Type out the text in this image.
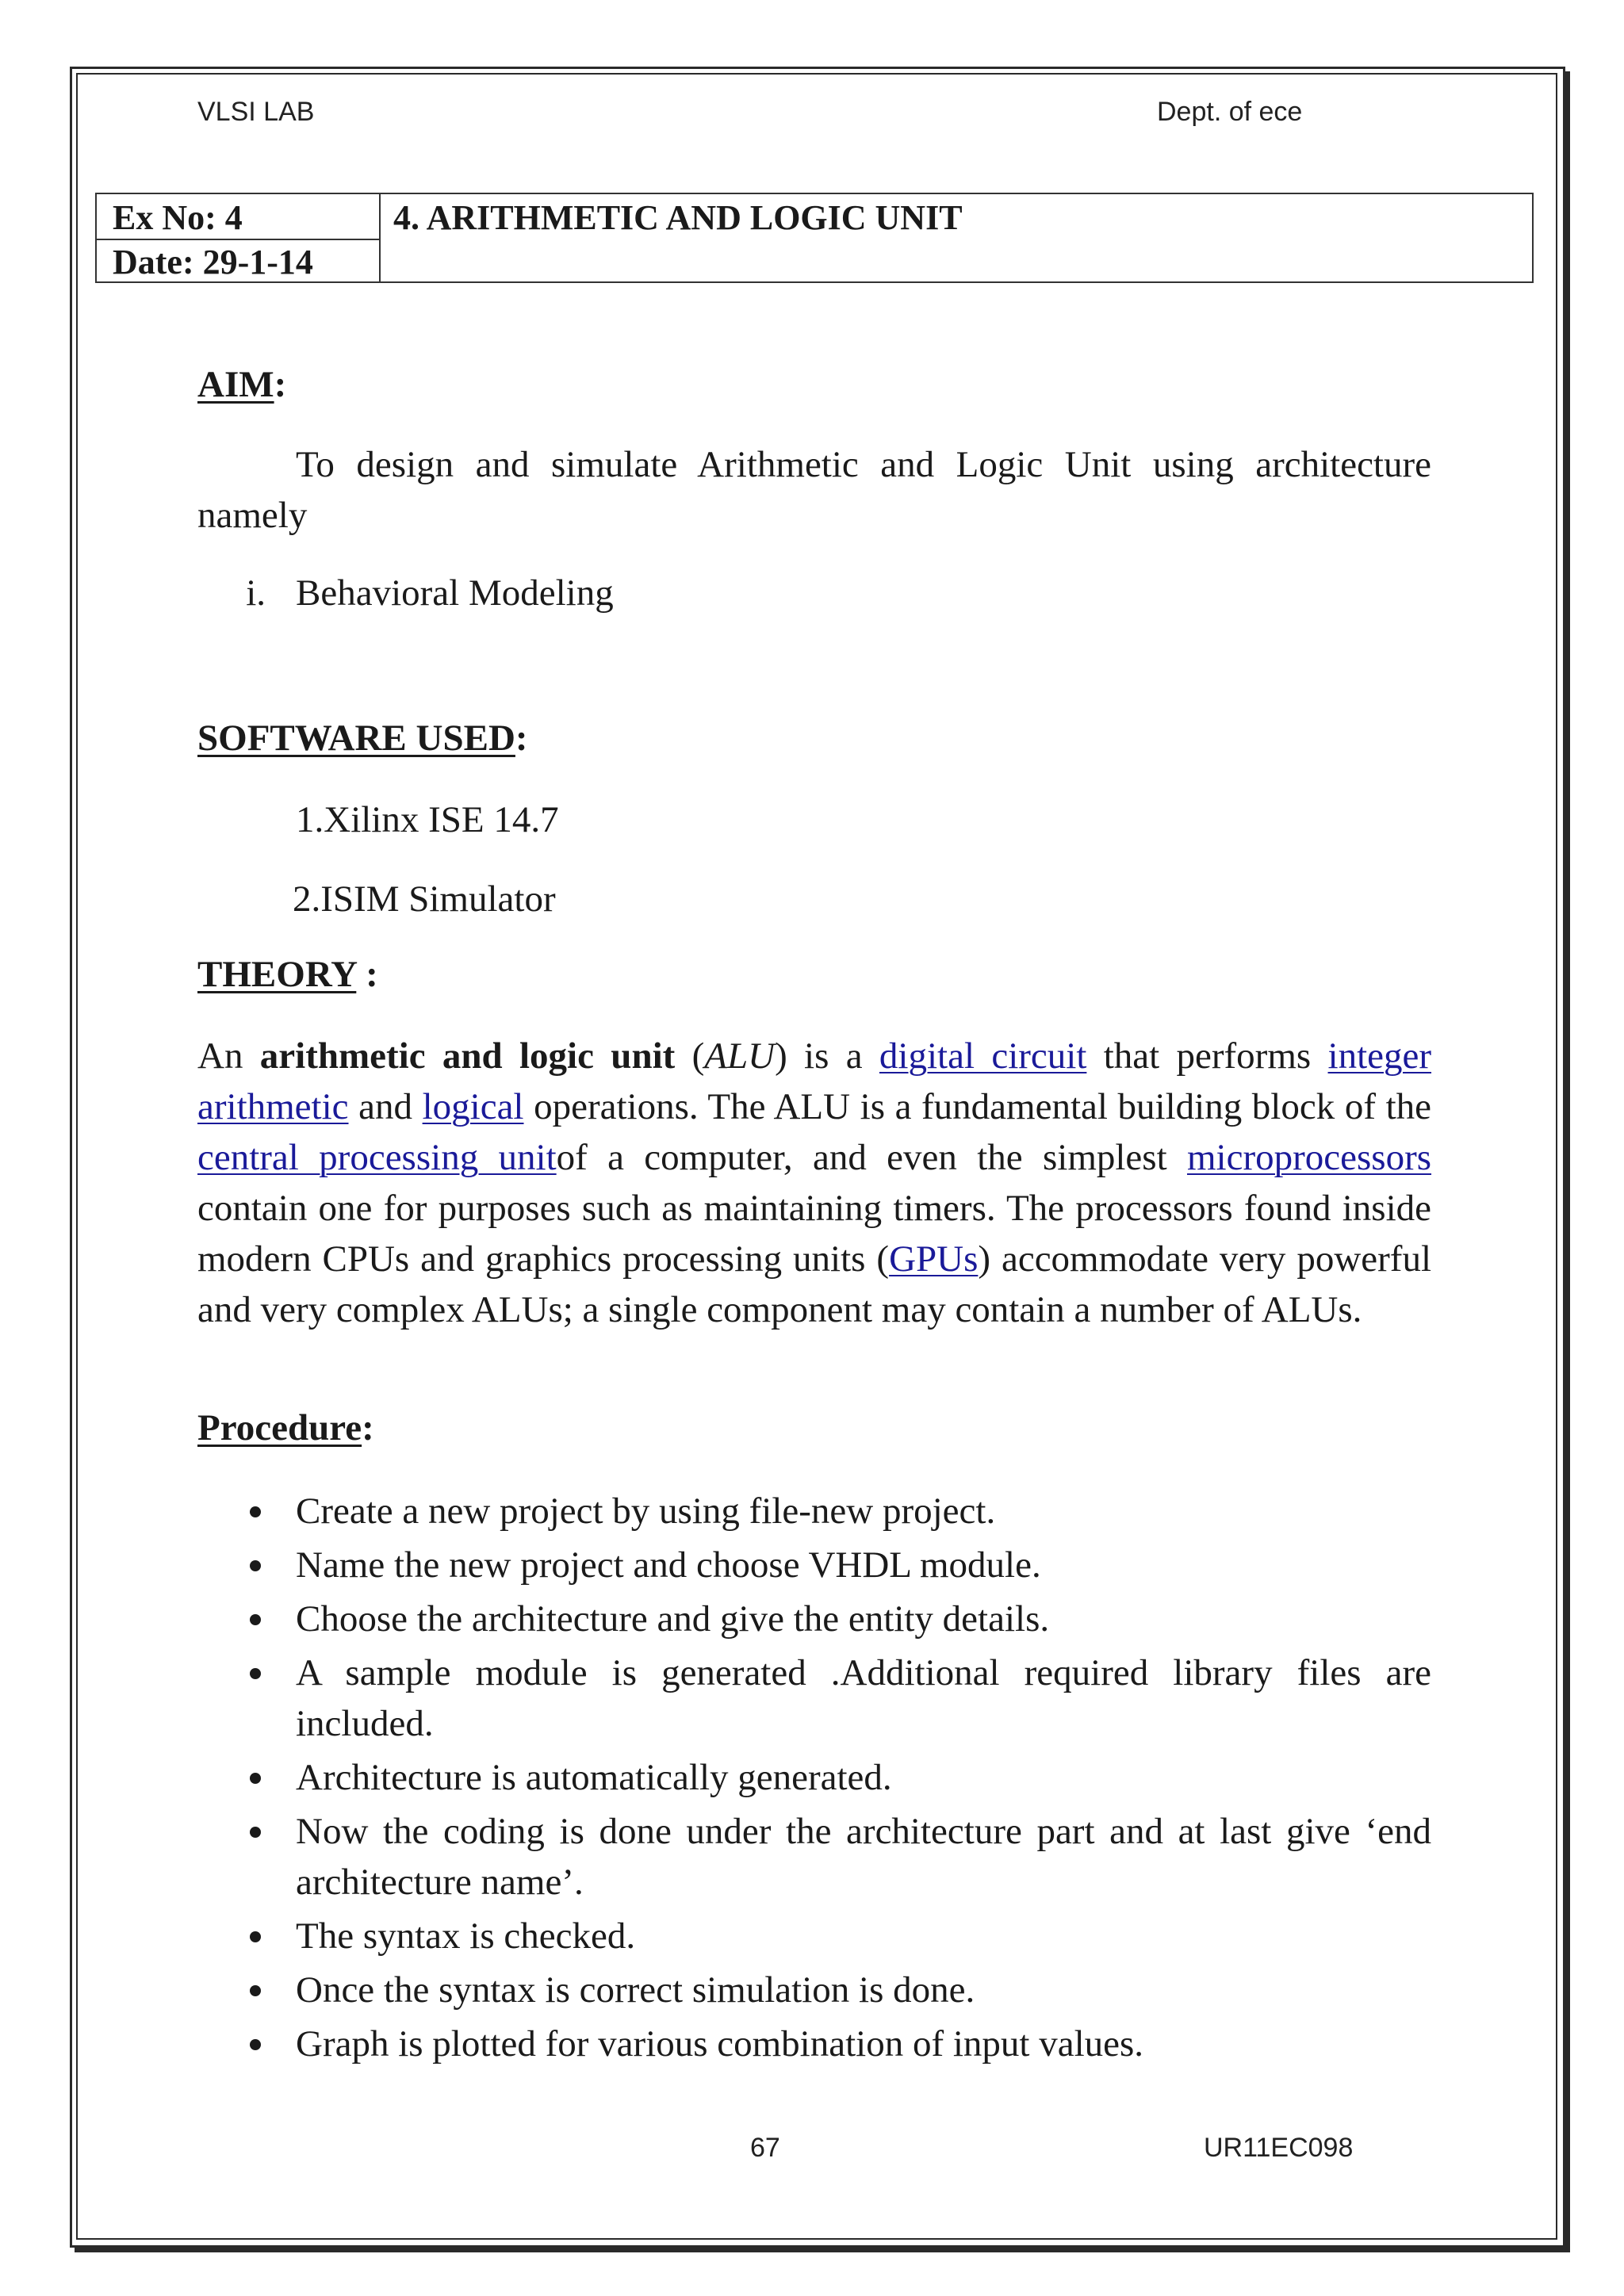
VLSI LAB	Dept. of ece
Ex No: 4
Date: 29-1-14
4. ARITHMETIC AND LOGIC UNIT
AIM:
To design and simulate Arithmetic and Logic Unit using architecture namely
i. Behavioral Modeling
SOFTWARE USED:
1.Xilinx ISE 14.7
2.ISIM Simulator
THEORY :
An arithmetic and logic unit (ALU) is a digital circuit that performs integer arithmetic and logical operations. The ALU is a fundamental building block of the central processing unitof a computer, and even the simplest microprocessors contain one for purposes such as maintaining timers. The processors found inside modern CPUs and graphics processing units (GPUs) accommodate very powerful and very complex ALUs; a single component may contain a number of ALUs.
Procedure:
Create a new project by using file-new project.
Name the new project and choose VHDL module.
Choose the architecture and give the entity details.
A sample module is generated .Additional required library files are included.
Architecture is automatically generated.
Now the coding is done under the architecture part and at last give ‘end architecture name’.
The syntax is checked.
Once the syntax is correct simulation is done.
Graph is plotted for various combination of input values.
67	UR11EC098
